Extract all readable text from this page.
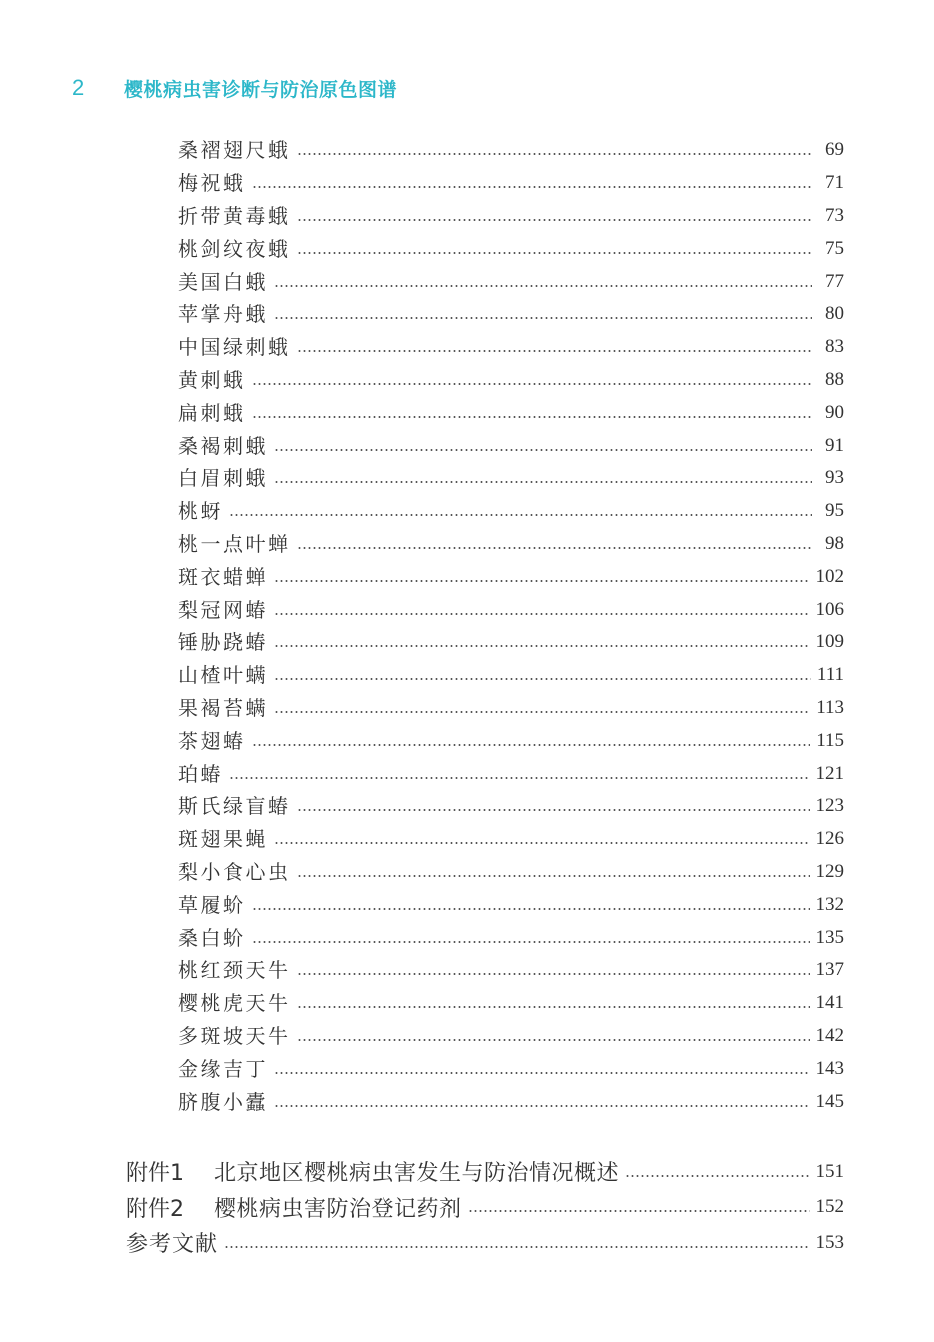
2	樱桃病虫害诊断与防治原色图谱
桑褶翅尺蛾	69
梅祝蛾	71
折带黄毒蛾	73
桃剑纹夜蛾	75
美国白蛾	77
苹掌舟蛾	80
中国绿刺蛾	83
黄刺蛾	88
扁刺蛾	90
桑褐刺蛾	91
白眉刺蛾	93
桃蚜	95
桃一点叶蝉	98
斑衣蜡蝉	102
梨冠网蝽	106
锤胁跷蝽	109
山楂叶螨	111
果褐苔螨	113
茶翅蝽	115
珀蝽	121
斯氏绿盲蝽	123
斑翅果蝇	126
梨小食心虫	129
草履蚧	132
桑白蚧	135
桃红颈天牛	137
樱桃虎天牛	141
多斑坡天牛	142
金缘吉丁	143
脐腹小蠹	145
附件1	北京地区樱桃病虫害发生与防治情况概述	151
附件2	樱桃病虫害防治登记药剂	152
参考文献	153
